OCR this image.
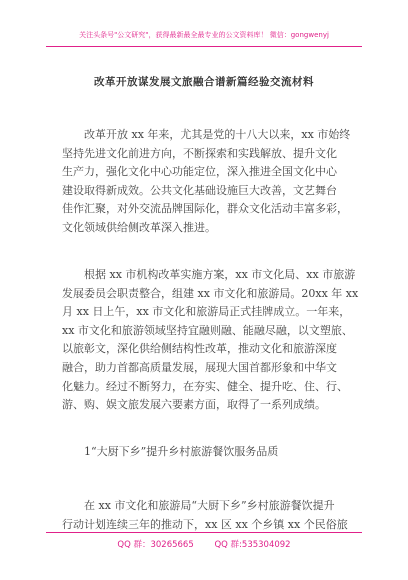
关注头条号"公文研究"，获得最新最全最专业的公文资料库！ 微信：gongwenyj
改革开放谋发展文旅融合谱新篇经验交流材料

改革开放 xx 年来，尤其是党的十八大以来，xx 市始终
坚持先进文化前进方向，不断探索和实践解放、提升文化
生产力，强化文化中心功能定位，深入推进全国文化中心
建设取得新成效。公共文化基础设施巨大改善，文艺舞台
佳作汇聚，对外交流品牌国际化，群众文化活动丰富多彩，
文化领域供给侧改革深入推进。

根据 xx 市机构改革实施方案，xx 市文化局、xx 市旅游
发展委员会职责整合，组建 xx 市文化和旅游局。20xx 年 xx
月 xx 日上午，xx 市文化和旅游局正式挂牌成立。一年来，
xx 市文化和旅游领域坚持宜融则融、能融尽融，以文塑旅、
以旅彰文，深化供给侧结构性改革，推动文化和旅游深度
融合，助力首都高质量发展，展现大国首都形象和中华文
化魅力。经过不断努力，在夯实、健全、提升吃、住、行、
游、购、娱文旅发展六要素方面，取得了一系列成绩。

1“大厨下乡”提升乡村旅游餐饮服务品质

在 xx 市文化和旅游局“大厨下乡”乡村旅游餐饮提升
行动计划连续三年的推动下，xx 区 xx 个乡镇 xx 个民俗旅

QQ 群：30265665 QQ 群:535304092
